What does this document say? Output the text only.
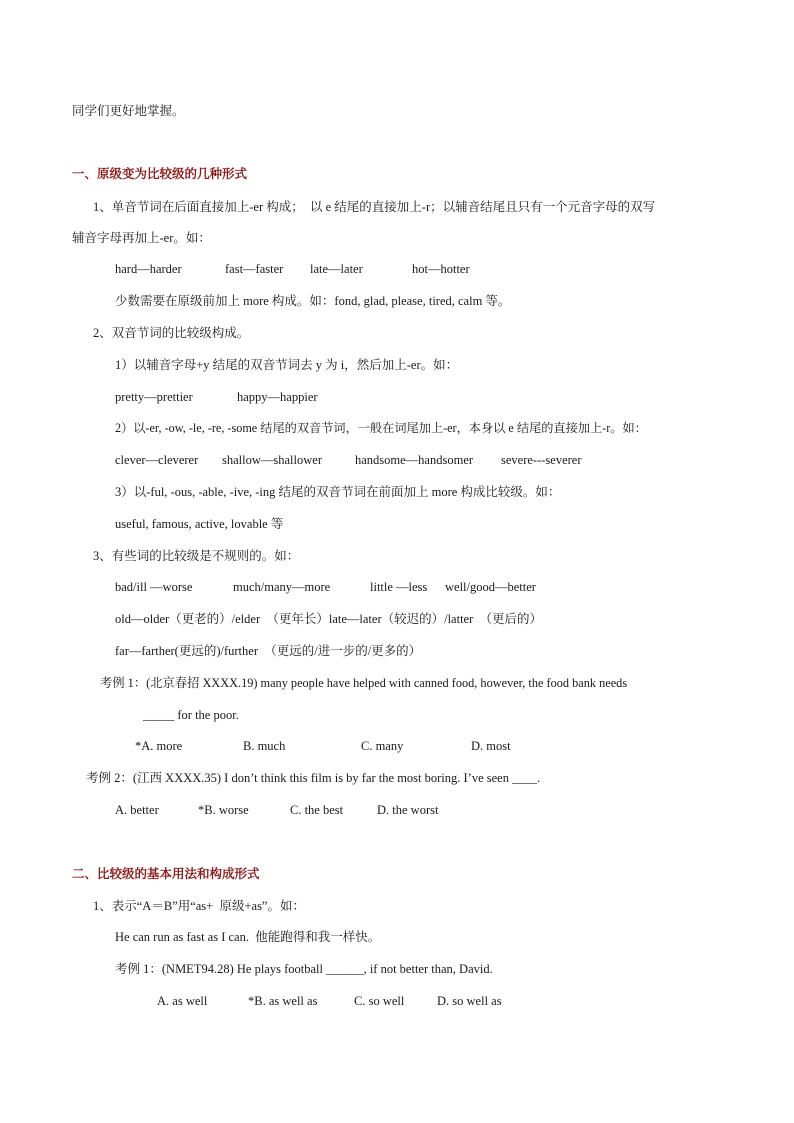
同学们更好地掌握。
一、原级变为比较级的几种形式
1、单音节词在后面直接加上-er 构成；  以 e 结尾的直接加上-r；以辅音结尾且只有一个元音字母的双写
辅音字母再加上-er。如：
hard—harder	fast—faster late—later	hot—hotter
少数需要在原级前加上 more 构成。如：fond, glad, please, tired, calm 等。
2、双音节词的比较级构成。
1）以辅音字母+y 结尾的双音节词去 y 为 i，然后加上-er。如：
pretty—prettier	happy—happier
2）以-er, -ow, -le, -re, -some 结尾的双音节词，一般在词尾加上-er，本身以 e 结尾的直接加上-r。如：
clever—cleverer shallow—shallower	handsome—handsomer severe---severer
3）以-ful, -ous, -able, -ive, -ing 结尾的双音节词在前面加上 more 构成比较级。如：
useful, famous, active, lovable 等
3、有些词的比较级是不规则的。如：
bad/ill —worse	much/many—more	little —less well/good—better
old—older（更老的）/elder  （更年长）late—later（较迟的）/latter  （更后的）
far—farther(更远的)/further  （更远的/进一步的/更多的）
考例 1：(北京春招 XXXX.19) many people have helped with canned food, however, the food bank needs
_____ for the poor.
*A. more	B. much	C. many	D. most
考例 2：(江西 XXXX.35) I don’t think this film is by far the most boring. I’ve seen ____.
A. better	*B. worse	C. the best	D. the worst
二、比较级的基本用法和构成形式
1、表示“A＝B”用“as+  原级+as”。如：
He can run as fast as I can.  他能跑得和我一样快。
考例 1：(NMET94.28) He plays football ______, if not better than, David.
A. as well	*B. as well as	C. so well	D. so well as
